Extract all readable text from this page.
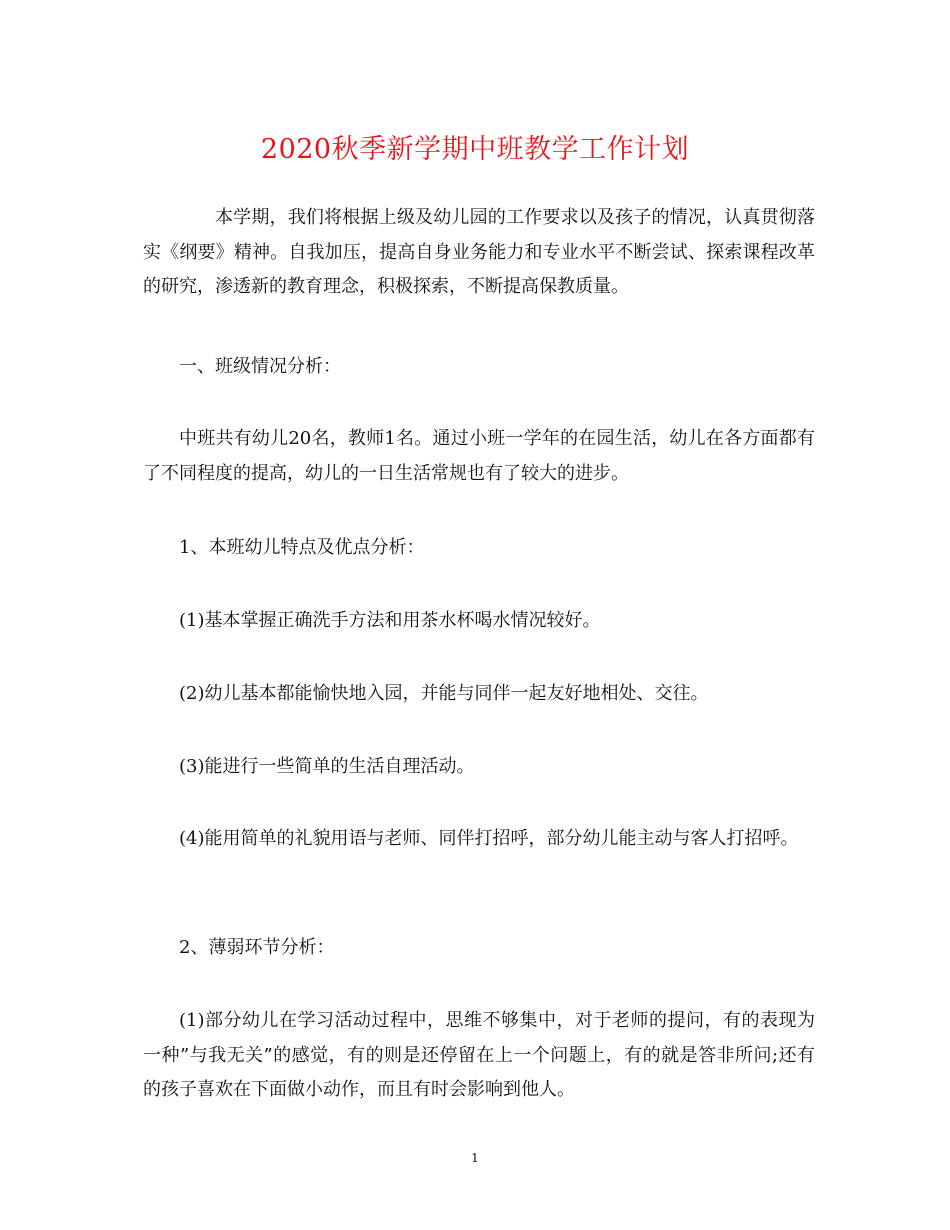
2020秋季新学期中班教学工作计划

本学期，我们将根据上级及幼儿园的工作要求以及孩子的情况，认真贯彻落实《纲要》精神。自我加压，提高自身业务能力和专业水平不断尝试、探索课程改革的研究，渗透新的教育理念，积极探索，不断提高保教质量。

一、班级情况分析：

中班共有幼儿20名，教师1名。通过小班一学年的在园生活，幼儿在各方面都有了不同程度的提高，幼儿的一日生活常规也有了较大的进步。

1、本班幼儿特点及优点分析：

(1)基本掌握正确洗手方法和用茶水杯喝水情况较好。

(2)幼儿基本都能愉快地入园，并能与同伴一起友好地相处、交往。

(3)能进行一些简单的生活自理活动。

(4)能用简单的礼貌用语与老师、同伴打招呼，部分幼儿能主动与客人打招呼。

2、薄弱环节分析：

(1)部分幼儿在学习活动过程中，思维不够集中，对于老师的提问，有的表现为一种”与我无关”的感觉，有的则是还停留在上一个问题上，有的就是答非所问;还有的孩子喜欢在下面做小动作，而且有时会影响到他人。

1
